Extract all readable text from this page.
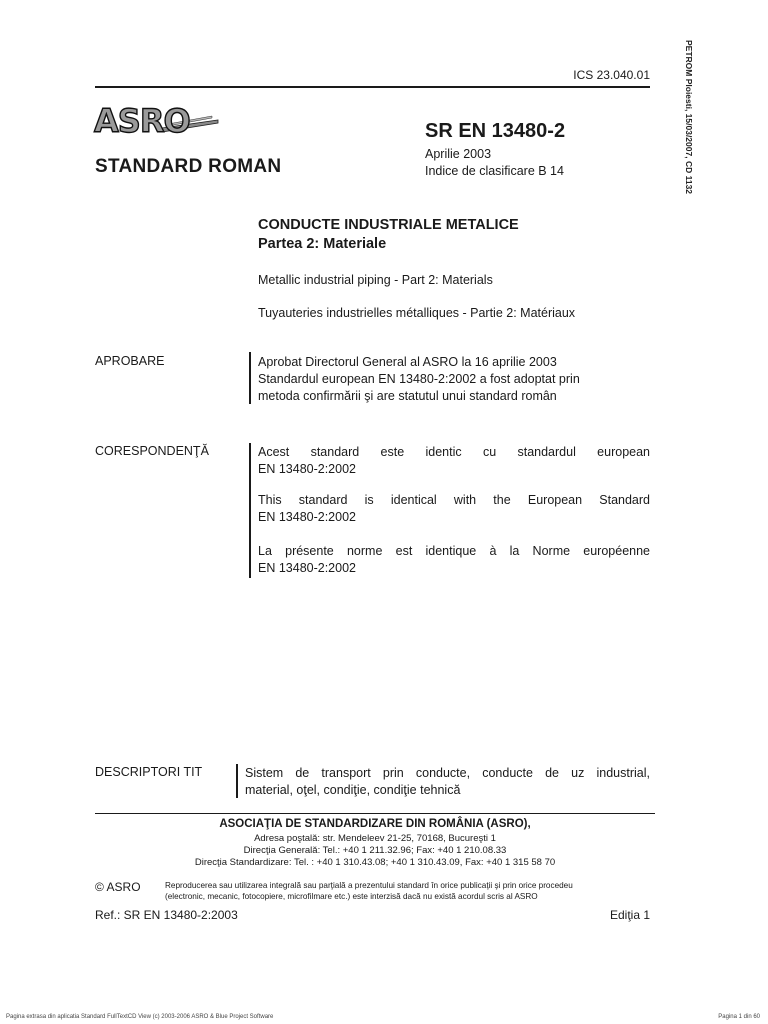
ICS 23.040.01
ASRO
STANDARD ROMAN
SR EN 13480-2
Aprilie 2003
Indice de clasificare B 14	PETROM Ploiesti, 15/03/2007, CD 1132
CONDUCTE INDUSTRIALE METALICE
Partea 2: Materiale
Metallic industrial piping - Part 2: Materials
Tuyauteries industrielles métalliques - Partie 2: Matériaux
APROBARE	Aprobat Directorul General al ASRO la 16 aprilie 2003
Standardul european EN 13480-2:2002 a fost adoptat prin
metoda confirmării şi are statutul unui standard român
CORESPONDENŢĂ	Acest standard este identic cu standardul european
EN 13480-2:2002
This standard is identical with the European Standard
EN 13480-2:2002
La présente norme est identique à la Norme européenne
EN 13480-2:2002
DESCRIPTORI TIT	Sistem de transport prin conducte, conducte de uz industrial,
material, oţel, condiţie, condiţie tehnică
ASOCIAŢIA DE STANDARDIZARE DIN ROMÂNIA (ASRO),
Adresa poştală: str. Mendeleev 21-25, 70168, Bucureşti 1
Direcţia Generală: Tel.: +40 1 211.32.96; Fax: +40 1 210.08.33
Direcţia Standardizare: Tel. : +40 1 310.43.08; +40 1 310.43.09, Fax: +40 1 315 58 70
© ASRO	Reproducerea sau utilizarea integrală sau parţială a prezentului standard în orice publicaţii şi prin orice procedeu
(electronic, mecanic, fotocopiere, microfilmare etc.) este interzisă dacă nu există acordul scris al ASRO
Ref.: SR EN 13480-2:2003	Ediţia 1
Pagina extrasa din aplicatia Standard FullTextCD View (c) 2003-2006 ASRO & Blue Project Software	Pagina 1 din 60
